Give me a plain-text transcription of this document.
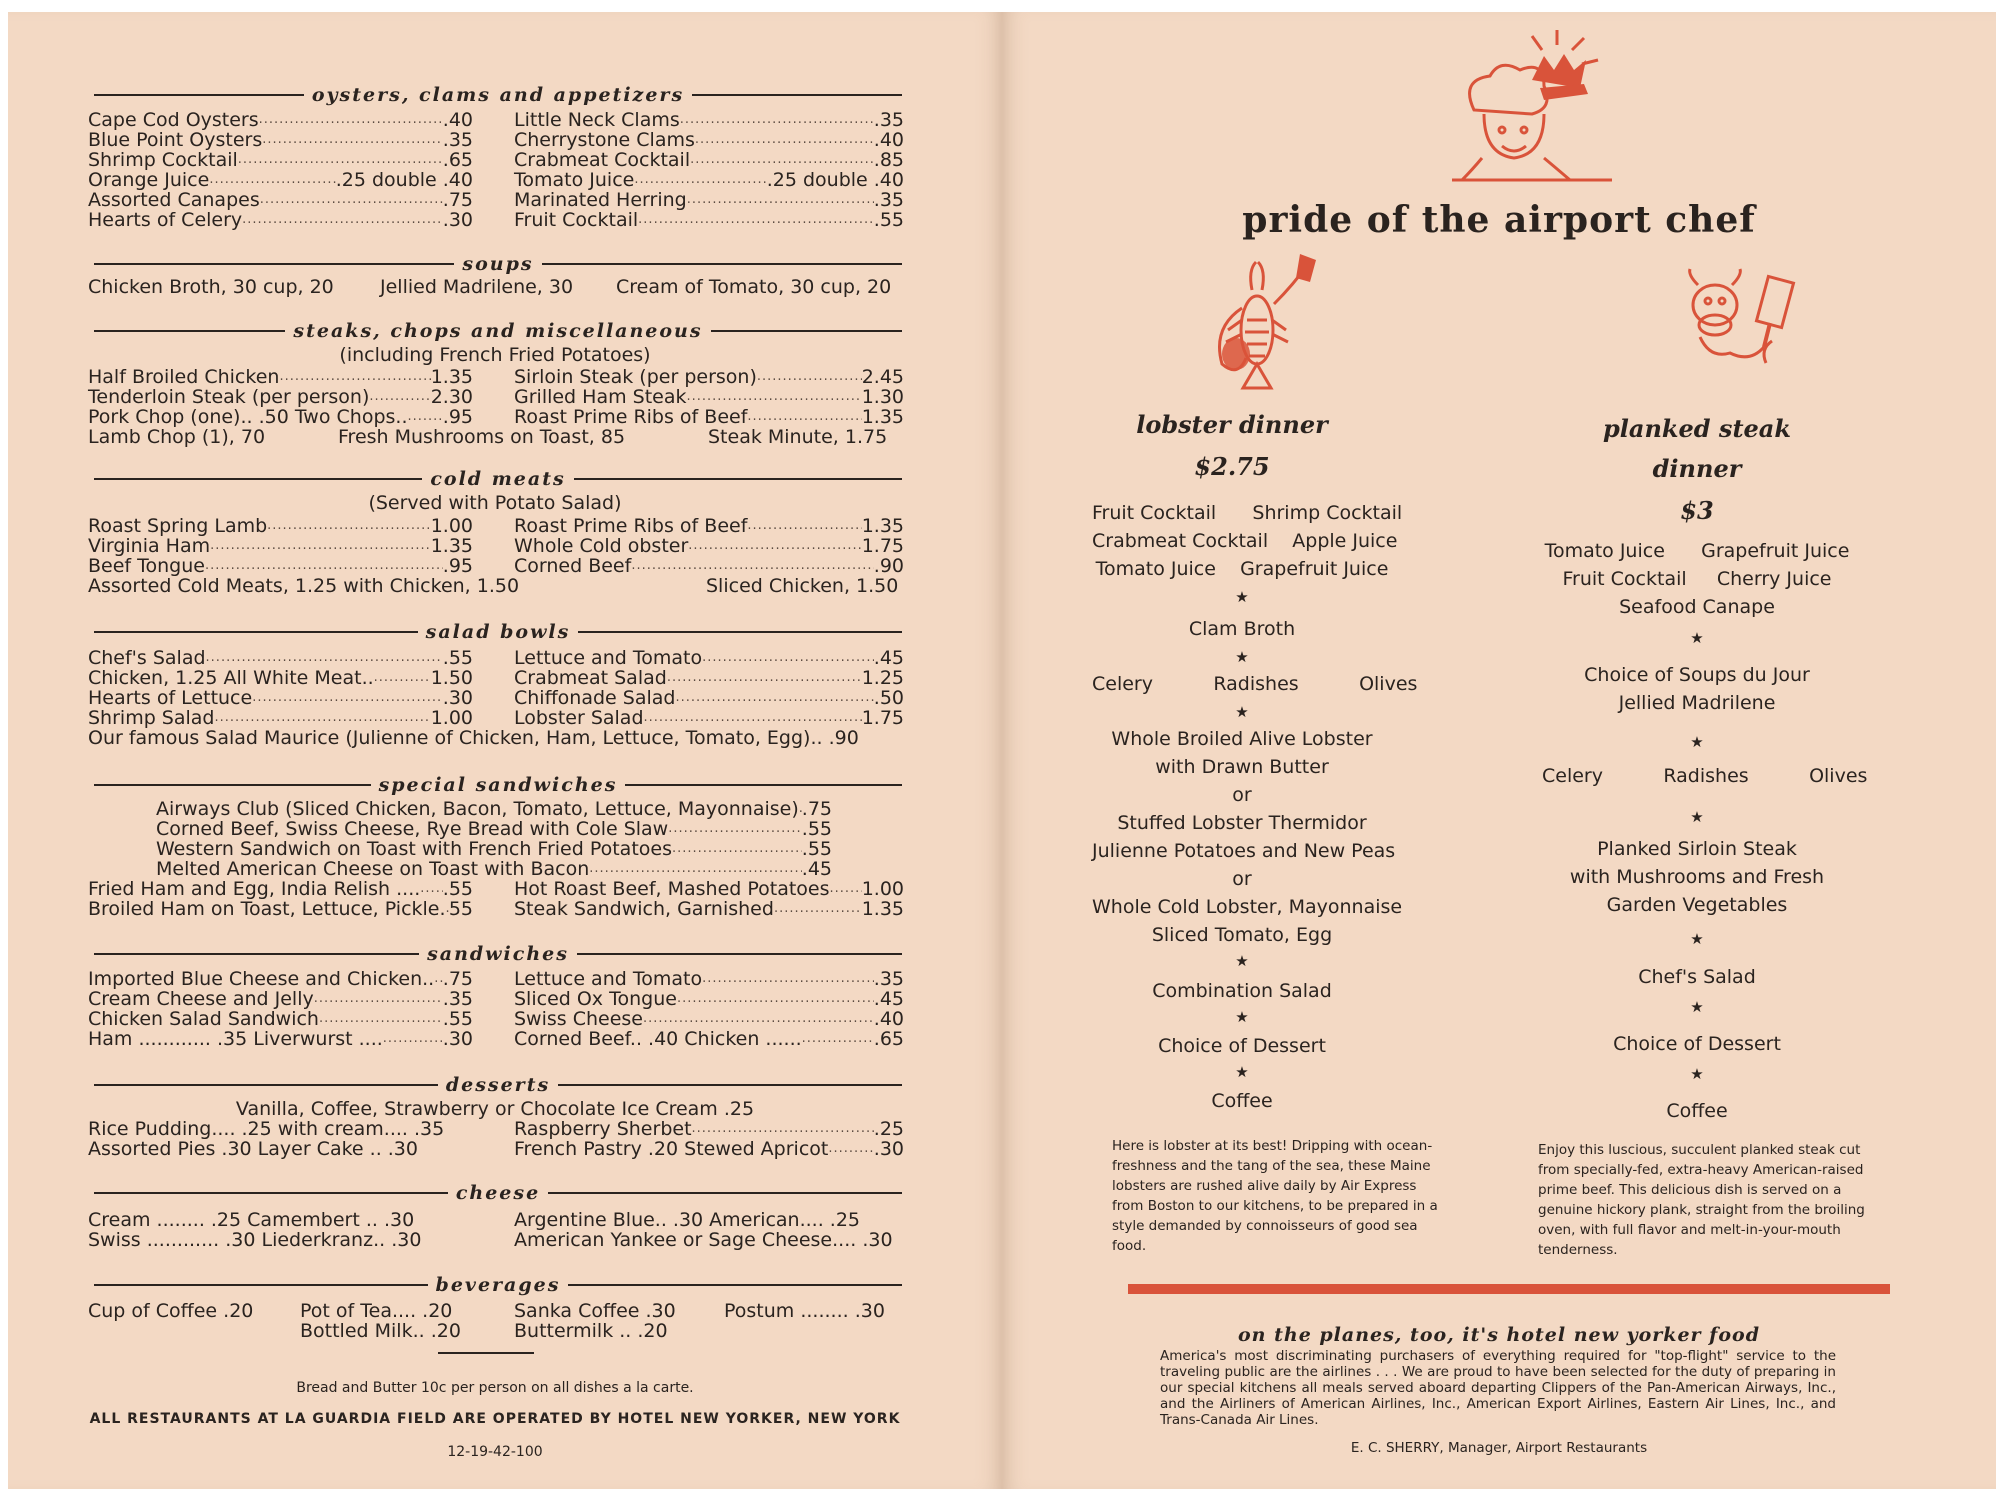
oysters, clams and appetizers
Cape Cod Oysters .....	.40
Blue Point Oysters .....	.35
Shrimp Cocktail .....	.65
Orange Juice .....	.25 double .40
Assorted Canapes .....	.75
Hearts of Celery .....	.30
Little Neck Clams .....	.35
Cherrystone Clams .....	.40
Crabmeat Cocktail .....	.85
Tomato Juice .....	.25 double .40
Marinated Herring .....	.35
Fruit Cocktail .....	.55
soups
Chicken Broth, 30 cup, 20 Jellied Madrilene, 30 Cream of Tomato, 30 cup, 20
steaks, chops and miscellaneous
(including French Fried Potatoes)
Half Broiled Chicken .....	1.35
Tenderloin Steak (per person) .....	2.30
Pork Chop (one).. .50 Two Chops.. ..... .95
Sirloin Steak (per person) .....	2.45
Grilled Ham Steak .....	1.30
Roast Prime Ribs of Beef .....	1.35
Lamb Chop (1), 70	Fresh Mushrooms on Toast, 85	Steak Minute, 1.75
cold meats
(Served with Potato Salad)
Roast Spring Lamb .....	1.00
Virginia Ham .....	1.35
Beef Tongue .....	.95
Roast Prime Ribs of Beef .....	1.35
Whole Cold obster .....	1.75
Corned Beef .....	.90
Assorted Cold Meats, 1.25 with Chicken, 1.50	Sliced Chicken, 1.50
salad bowls
Chef's Salad .....	.55
Chicken, 1.25 All White Meat.. .....	1.50
Hearts of Lettuce .....	.30
Shrimp Salad .....	1.00
Lettuce and Tomato .....	.45
Crabmeat Salad .....	1.25
Chiffonade Salad .....	.50
Lobster Salad .....	1.75
Our famous Salad Maurice (Julienne of Chicken, Ham, Lettuce, Tomato, Egg).. .90
special sandwiches
Airways Club (Sliced Chicken, Bacon, Tomato, Lettuce, Mayonnaise) ..... .75
Corned Beef, Swiss Cheese, Rye Bread with Cole Slaw .....	.55
Western Sandwich on Toast with French Fried Potatoes .....	.55
Melted American Cheese on Toast with Bacon .....	.45
Fried Ham and Egg, India Relish .... ..... .55
Broiled Ham on Toast, Lettuce, Pickle. ..... 55
Hot Roast Beef, Mashed Potatoes ..... 1.00
Steak Sandwich, Garnished .....	1.35
sandwiches
Imported Blue Cheese and Chicken.. ..... .75
Cream Cheese and Jelly .....	.35
Chicken Salad Sandwich .....	.55
Ham ............ .35 Liverwurst .... .....	.30
Lettuce and Tomato .....	.35
Sliced Ox Tongue .....	.45
Swiss Cheese .....	.40
Corned Beef.. .40 Chicken ...... .....	.65
desserts
Vanilla, Coffee, Strawberry or Chocolate Ice Cream .25
Rice Pudding.... .25 with cream.... .35
Assorted Pies .30 Layer Cake .. .30
Raspberry Sherbet .....	.25
French Pastry .20 Stewed Apricot ..... .30
cheese
Cream ........ .25 Camembert .. .30
Swiss ............ .30 Liederkranz.. .30
Argentine Blue.. .30 American.... .25
American Yankee or Sage Cheese.... .30
beverages
Cup of Coffee .20 Pot of Tea.... .20
Bottled Milk.. .20
Sanka Coffee .30
Buttermilk .. .20
Postum ........ .30
Bread and Butter 10c per person on all dishes a la carte.
ALL RESTAURANTS AT LA GUARDIA FIELD ARE OPERATED BY HOTEL NEW YORKER, NEW YORK
12-19-42-100
pride of the airport chef
lobster dinner
$2.75
Here is lobster at its best! Dripping with ocean-freshness and the tang of the sea, these Maine lobsters are rushed alive daily by Air Express from Boston to our kitchens, to be prepared in a style demanded by connoisseurs of good sea food.
planked steak
dinner
$3
Enjoy this luscious, succulent planked steak cut from specially-fed, extra-heavy American-raised prime beef. This delicious dish is served on a genuine hickory plank, straight from the broiling oven, with full flavor and melt-in-your-mouth tenderness.
on the planes, too, it's hotel new yorker food
America's most discriminating purchasers of everything required for "top-flight" service to the traveling public are the airlines . . . We are proud to have been selected for the duty of preparing in our special kitchens all meals served aboard departing Clippers of the Pan-American Airways, Inc., and the Airliners of American Airlines, Inc., American Export Airlines, Eastern Air Lines, Inc., and Trans-Canada Air Lines.
E. C. SHERRY, Manager, Airport Restaurants
Fruit Cocktail      Shrimp Cocktail
Crabmeat Cocktail    Apple Juice
Tomato Juice    Grapefruit Juice
Clam Broth
Celery          Radishes          Olives
Whole Broiled Alive Lobster
with Drawn Butter
or
Stuffed Lobster Thermidor
Julienne Potatoes and New Peas
or
Whole Cold Lobster, Mayonnaise
Sliced Tomato, Egg
Combination Salad
Choice of Dessert
Coffee
★
★
★
★
★
★
Tomato Juice      Grapefruit Juice
Fruit Cocktail     Cherry Juice
Seafood Canape
Choice of Soups du Jour
Jellied Madrilene
Celery          Radishes          Olives
Planked Sirloin Steak
with Mushrooms and Fresh
Garden Vegetables
Chef's Salad
Choice of Dessert
Coffee
★
★
★
★
★
★
